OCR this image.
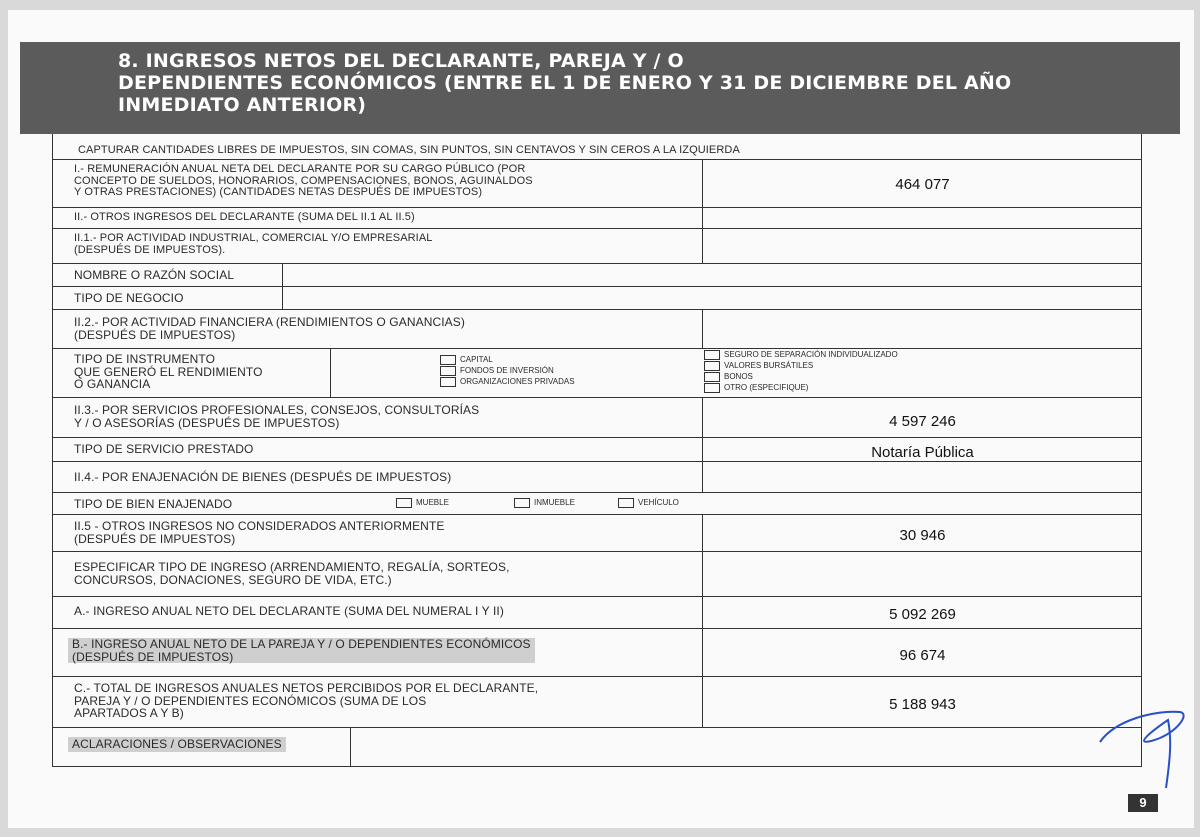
8. INGRESOS NETOS DEL DECLARANTE, PAREJA Y / O
DEPENDIENTES ECONÓMICOS (ENTRE EL 1 DE ENERO Y 31 DE DICIEMBRE DEL AÑO
INMEDIATO ANTERIOR)
CAPTURAR CANTIDADES LIBRES DE IMPUESTOS, SIN COMAS, SIN PUNTOS, SIN CENTAVOS Y SIN CEROS A LA IZQUIERDA
I.- REMUNERACIÓN ANUAL NETA DEL DECLARANTE POR SU CARGO PÚBLICO (POR
CONCEPTO DE SUELDOS, HONORARIOS, COMPENSACIONES, BONOS, AGUINALDOS
Y OTRAS PRESTACIONES) (CANTIDADES NETAS DESPUÉS DE IMPUESTOS)	464 077
II.- OTROS INGRESOS DEL DECLARANTE (SUMA DEL II.1 AL II.5)
II.1.- POR ACTIVIDAD INDUSTRIAL, COMERCIAL Y/O EMPRESARIAL
(DESPUÉS DE IMPUESTOS).
NOMBRE O RAZÓN SOCIAL
TIPO DE NEGOCIO
II.2.- POR ACTIVIDAD FINANCIERA (RENDIMIENTOS O GANANCIAS)
(DESPUÉS DE IMPUESTOS)
TIPO DE INSTRUMENTO
QUE GENERÓ EL RENDIMIENTO
O GANANCIA
CAPITAL
FONDOS DE INVERSIÓN
ORGANIZACIONES PRIVADAS
SEGURO DE SEPARACIÓN INDIVIDUALIZADO
VALORES BURSÁTILES
BONOS
OTRO (ESPECIFIQUE)
II.3.- POR SERVICIOS PROFESIONALES, CONSEJOS, CONSULTORÍAS
Y / O ASESORÍAS (DESPUÉS DE IMPUESTOS)	4 597 246
TIPO DE SERVICIO PRESTADO	Notaría Pública
II.4.- POR ENAJENACIÓN DE BIENES (DESPUÉS DE IMPUESTOS)
TIPO DE BIEN ENAJENADO	MUEBLE	INMUEBLE	VEHÍCULO
II.5 - OTROS INGRESOS NO CONSIDERADOS ANTERIORMENTE
(DESPUÉS DE IMPUESTOS)	30 946
ESPECIFICAR TIPO DE INGRESO (ARRENDAMIENTO, REGALÍA, SORTEOS,
CONCURSOS, DONACIONES, SEGURO DE VIDA, ETC.)
A.- INGRESO ANUAL NETO DEL DECLARANTE (SUMA DEL NUMERAL I Y II)	5 092 269
B.- INGRESO ANUAL NETO DE LA PAREJA Y / O DEPENDIENTES ECONÓMICOS
(DESPUÉS DE IMPUESTOS)	96 674
C.- TOTAL DE INGRESOS ANUALES NETOS PERCIBIDOS POR EL DECLARANTE,
PAREJA Y / O DEPENDIENTES ECONÓMICOS (SUMA DE LOS
APARTADOS A Y B)	5 188 943
ACLARACIONES / OBSERVACIONES
9
